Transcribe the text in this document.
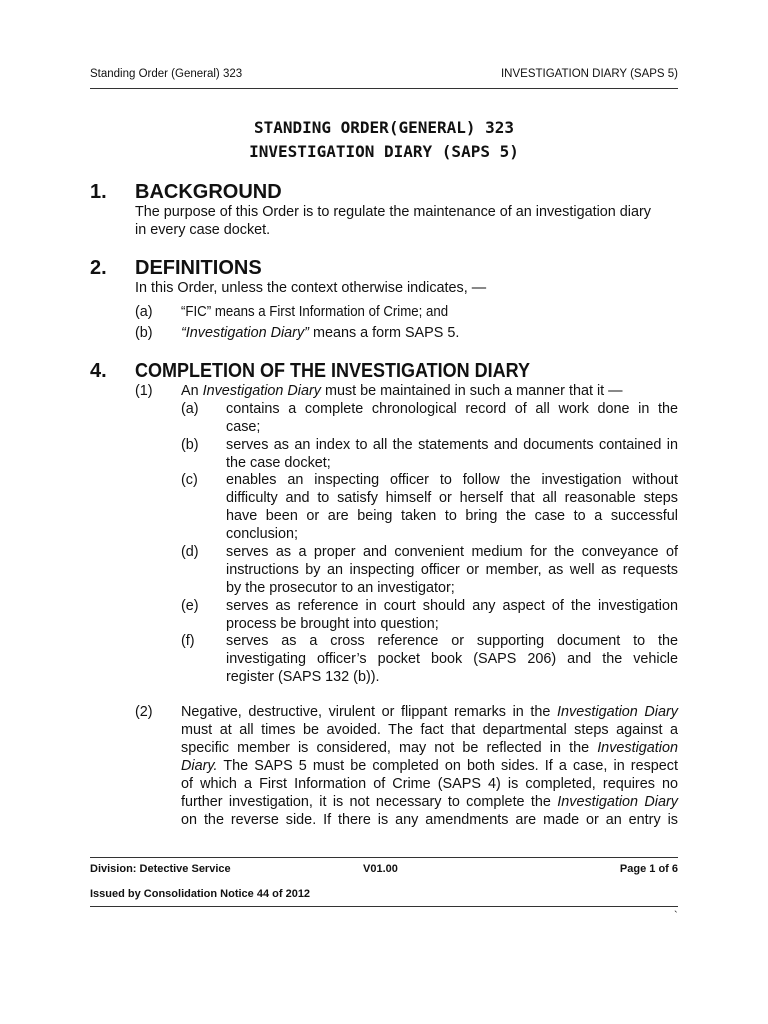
Standing Order (General) 323	INVESTIGATION DIARY (SAPS 5)
STANDING ORDER(GENERAL) 323
INVESTIGATION DIARY (SAPS 5)
1. BACKGROUND
The purpose of this Order is to regulate the maintenance of an investigation diary
in every case docket.
2. DEFINITIONS
In this Order, unless the context otherwise indicates, —
(a) “FIC” means a First Information of Crime; and
(b) “Investigation Diary” means a form SAPS 5.
4. COMPLETION OF THE INVESTIGATION DIARY
(1) An Investigation Diary must be maintained in such a manner that it —
(a) contains a complete chronological record of all work done in the
case;
(b) serves as an index to all the statements and documents contained in
the case docket;
(c) enables an inspecting officer to follow the investigation without
difficulty and to satisfy himself or herself that all reasonable steps
have been or are being taken to bring the case to a successful
conclusion;
(d) serves as a proper and convenient medium for the conveyance of
instructions by an inspecting officer or member, as well as requests
by the prosecutor to an investigator;
(e) serves as reference in court should any aspect of the investigation
process be brought into question;
(f) serves as a cross reference or supporting document to the
investigating officer’s pocket book (SAPS 206) and the vehicle
register (SAPS 132 (b)).
(2) Negative, destructive, virulent or flippant remarks in the Investigation Diary
must at all times be avoided. The fact that departmental steps against a
specific member is considered, may not be reflected in the Investigation
Diary. The SAPS 5 must be completed on both sides. If a case, in respect
of which a First Information of Crime (SAPS 4) is completed, requires no
further investigation, it is not necessary to complete the Investigation Diary
on the reverse side. If there is any amendments are made or an entry is
Division: Detective Service	V01.00	Page 1 of 6
Issued by Consolidation Notice 44 of 2012
`
